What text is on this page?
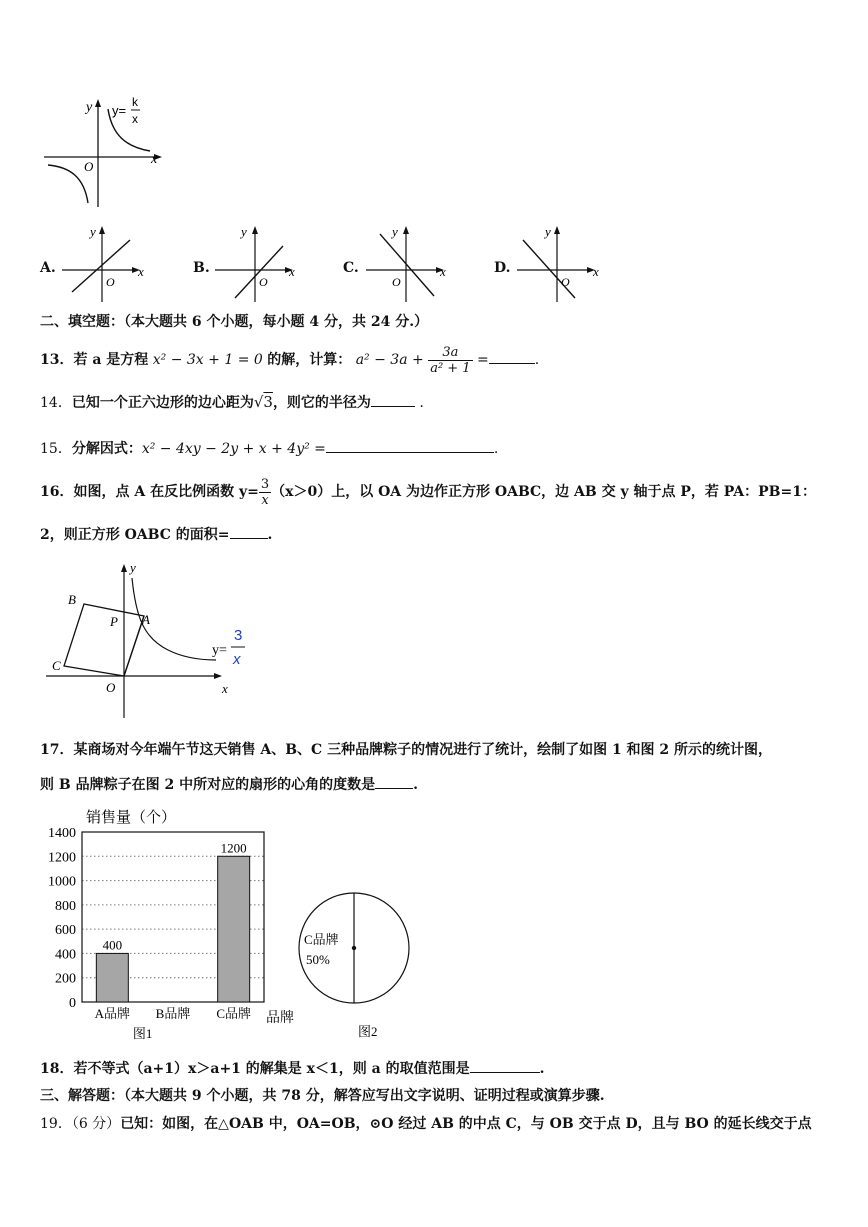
y
x
O
y=
k
x
A.
y
x
O
B.
y
x
O
C.
y
x
O
D.
y
x
O
二、填空题：（本大题共 6 个小题，每小题 4 分，共 24 分.）
13．若 a 是方程 x² − 3x + 1 = 0 的解，计算： $a^2 - 3a + \frac{3a}{\text{a² + 1}}$ =	.
14．已知一个正六边形的边心距为√3，则它的半径为	.
15．分解因式：x² − 4xy − 2y + x + 4y² =	.
16．如图，点 A 在反比例函数 $y= \frac{3}{x} (x>0)$上，以 OA 为边作正方形 OABC，边 AB 交 y 轴于点 P，若 PA：PB=1：
2，则正方形 OABC 的面积=	.
y
x
O
B
A
P
C
y=
3
x
17．某商场对今年端午节这天销售 A、B、C 三种品牌粽子的情况进行了统计，绘制了如图 1 和图 2 所示的统计图，
则 B 品牌粽子在图 2 中所对应的扇形的心角的度数是	.
销售量（个）
0
200
400
600
800
1000
1200
1400
400
A品牌 B品牌
1200
C品牌 品牌
图1
C品牌
50%
图2
18．若不等式（a+1）x＞a+1 的解集是 x＜1，则 a 的取值范围是	.
三、解答题：（本大题共 9 个小题，共 78 分，解答应写出文字说明、证明过程或演算步骤.
19．（6 分）已知：如图，在△OAB 中，OA=OB，⊙O 经过 AB 的中点 C，与 OB 交于点 D，且与 BO 的延长线交于点
